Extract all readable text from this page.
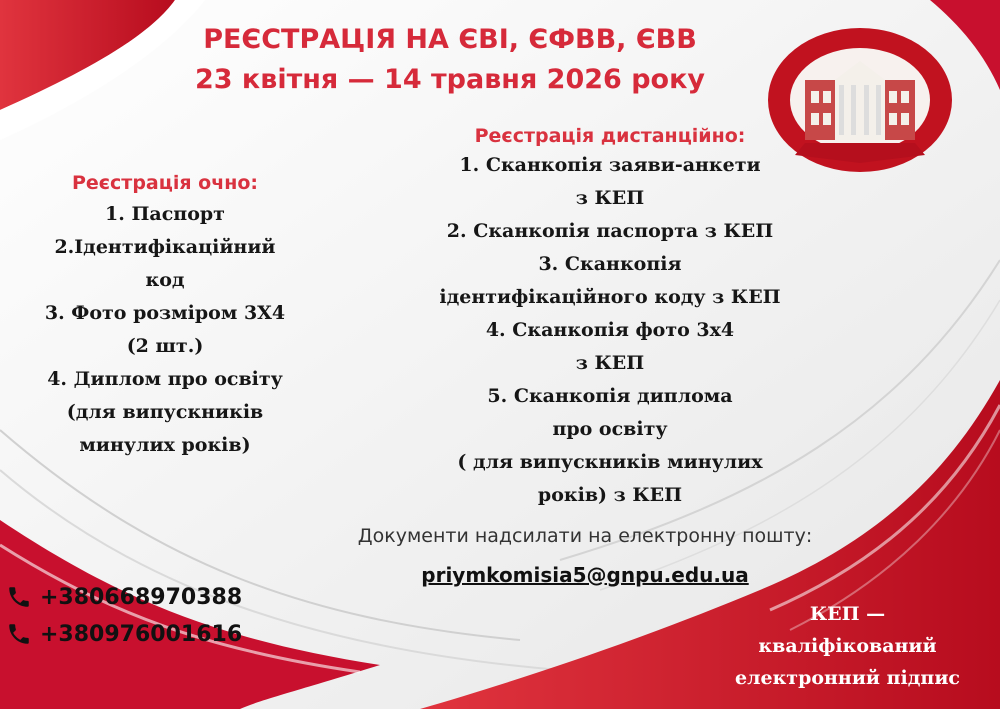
РЕЄСТРАЦІЯ НА ЄВІ, ЄФВВ, ЄВВ
23 квітня — 14 травня 2026 року
Реєстрація очно:
1. Паспорт
2.Ідентифікаційний
код
3. Фото розміром 3Х4
(2 шт.)
4. Диплом про освіту
(для випускників
минулих років)
Реєстрація дистанційно:
1. Сканкопія заяви-анкети
з КЕП
2. Сканкопія паспорта з КЕП
3. Сканкопія
ідентифікаційного коду з КЕП
4. Сканкопія фото 3х4
з КЕП
5. Сканкопія диплома
про освіту
( для випускників минулих
років) з КЕП
Документи надсилати на електронну пошту:
priymkomisia5@gnpu.edu.ua
+380668970388
+380976001616
КЕП —
кваліфікований
електронний підпис
